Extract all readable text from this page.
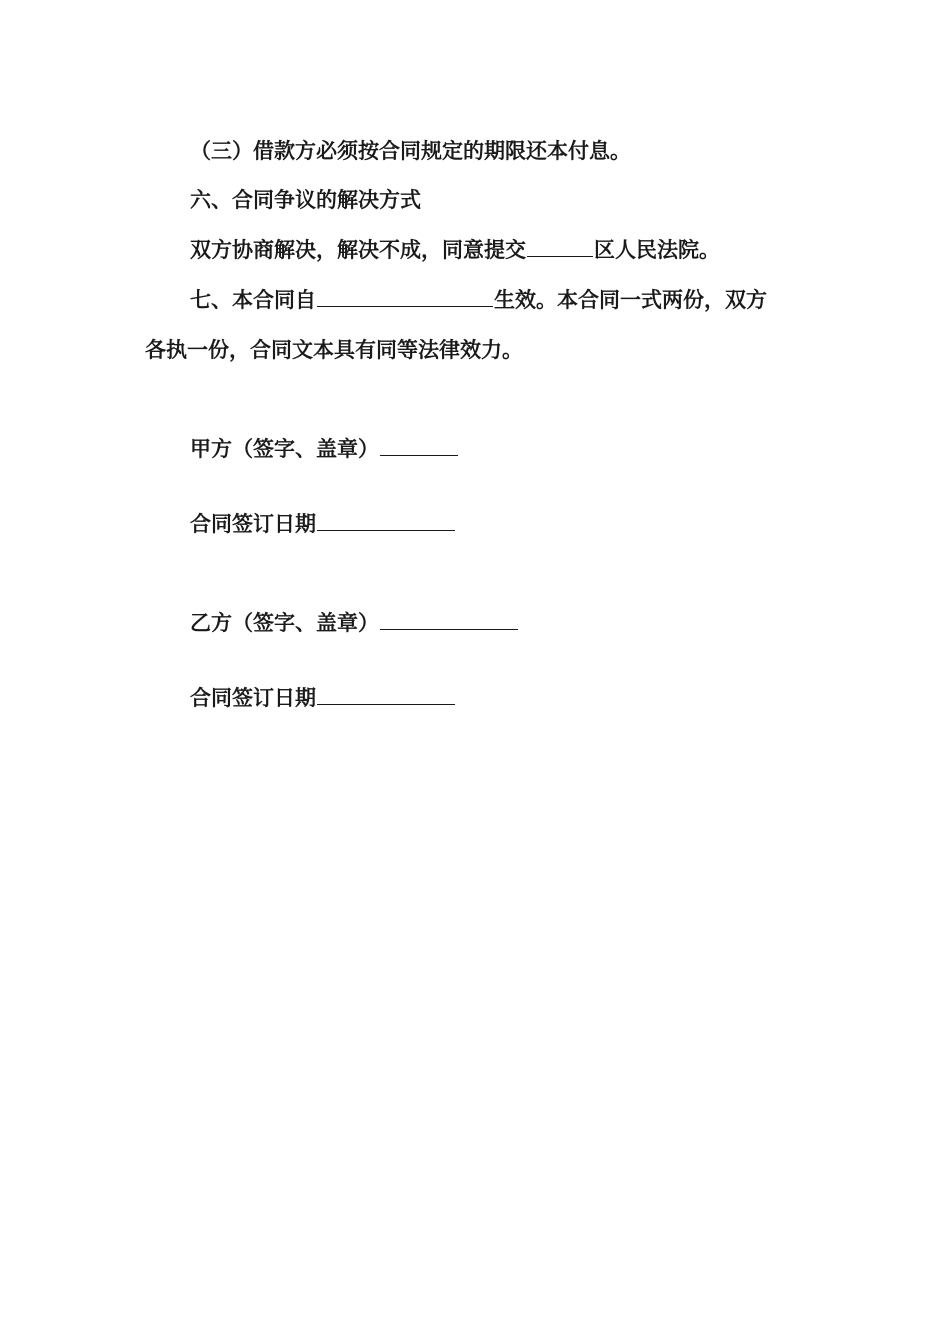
（三）借款方必须按合同规定的期限还本付息。
六、合同争议的解决方式
双方协商解决，解决不成，同意提交	区人民法院。
七、本合同自	生效。本合同一式两份，双方
各执一份，合同文本具有同等法律效力。
甲方（签字、盖章）
合同签订日期
乙方（签字、盖章）
合同签订日期
